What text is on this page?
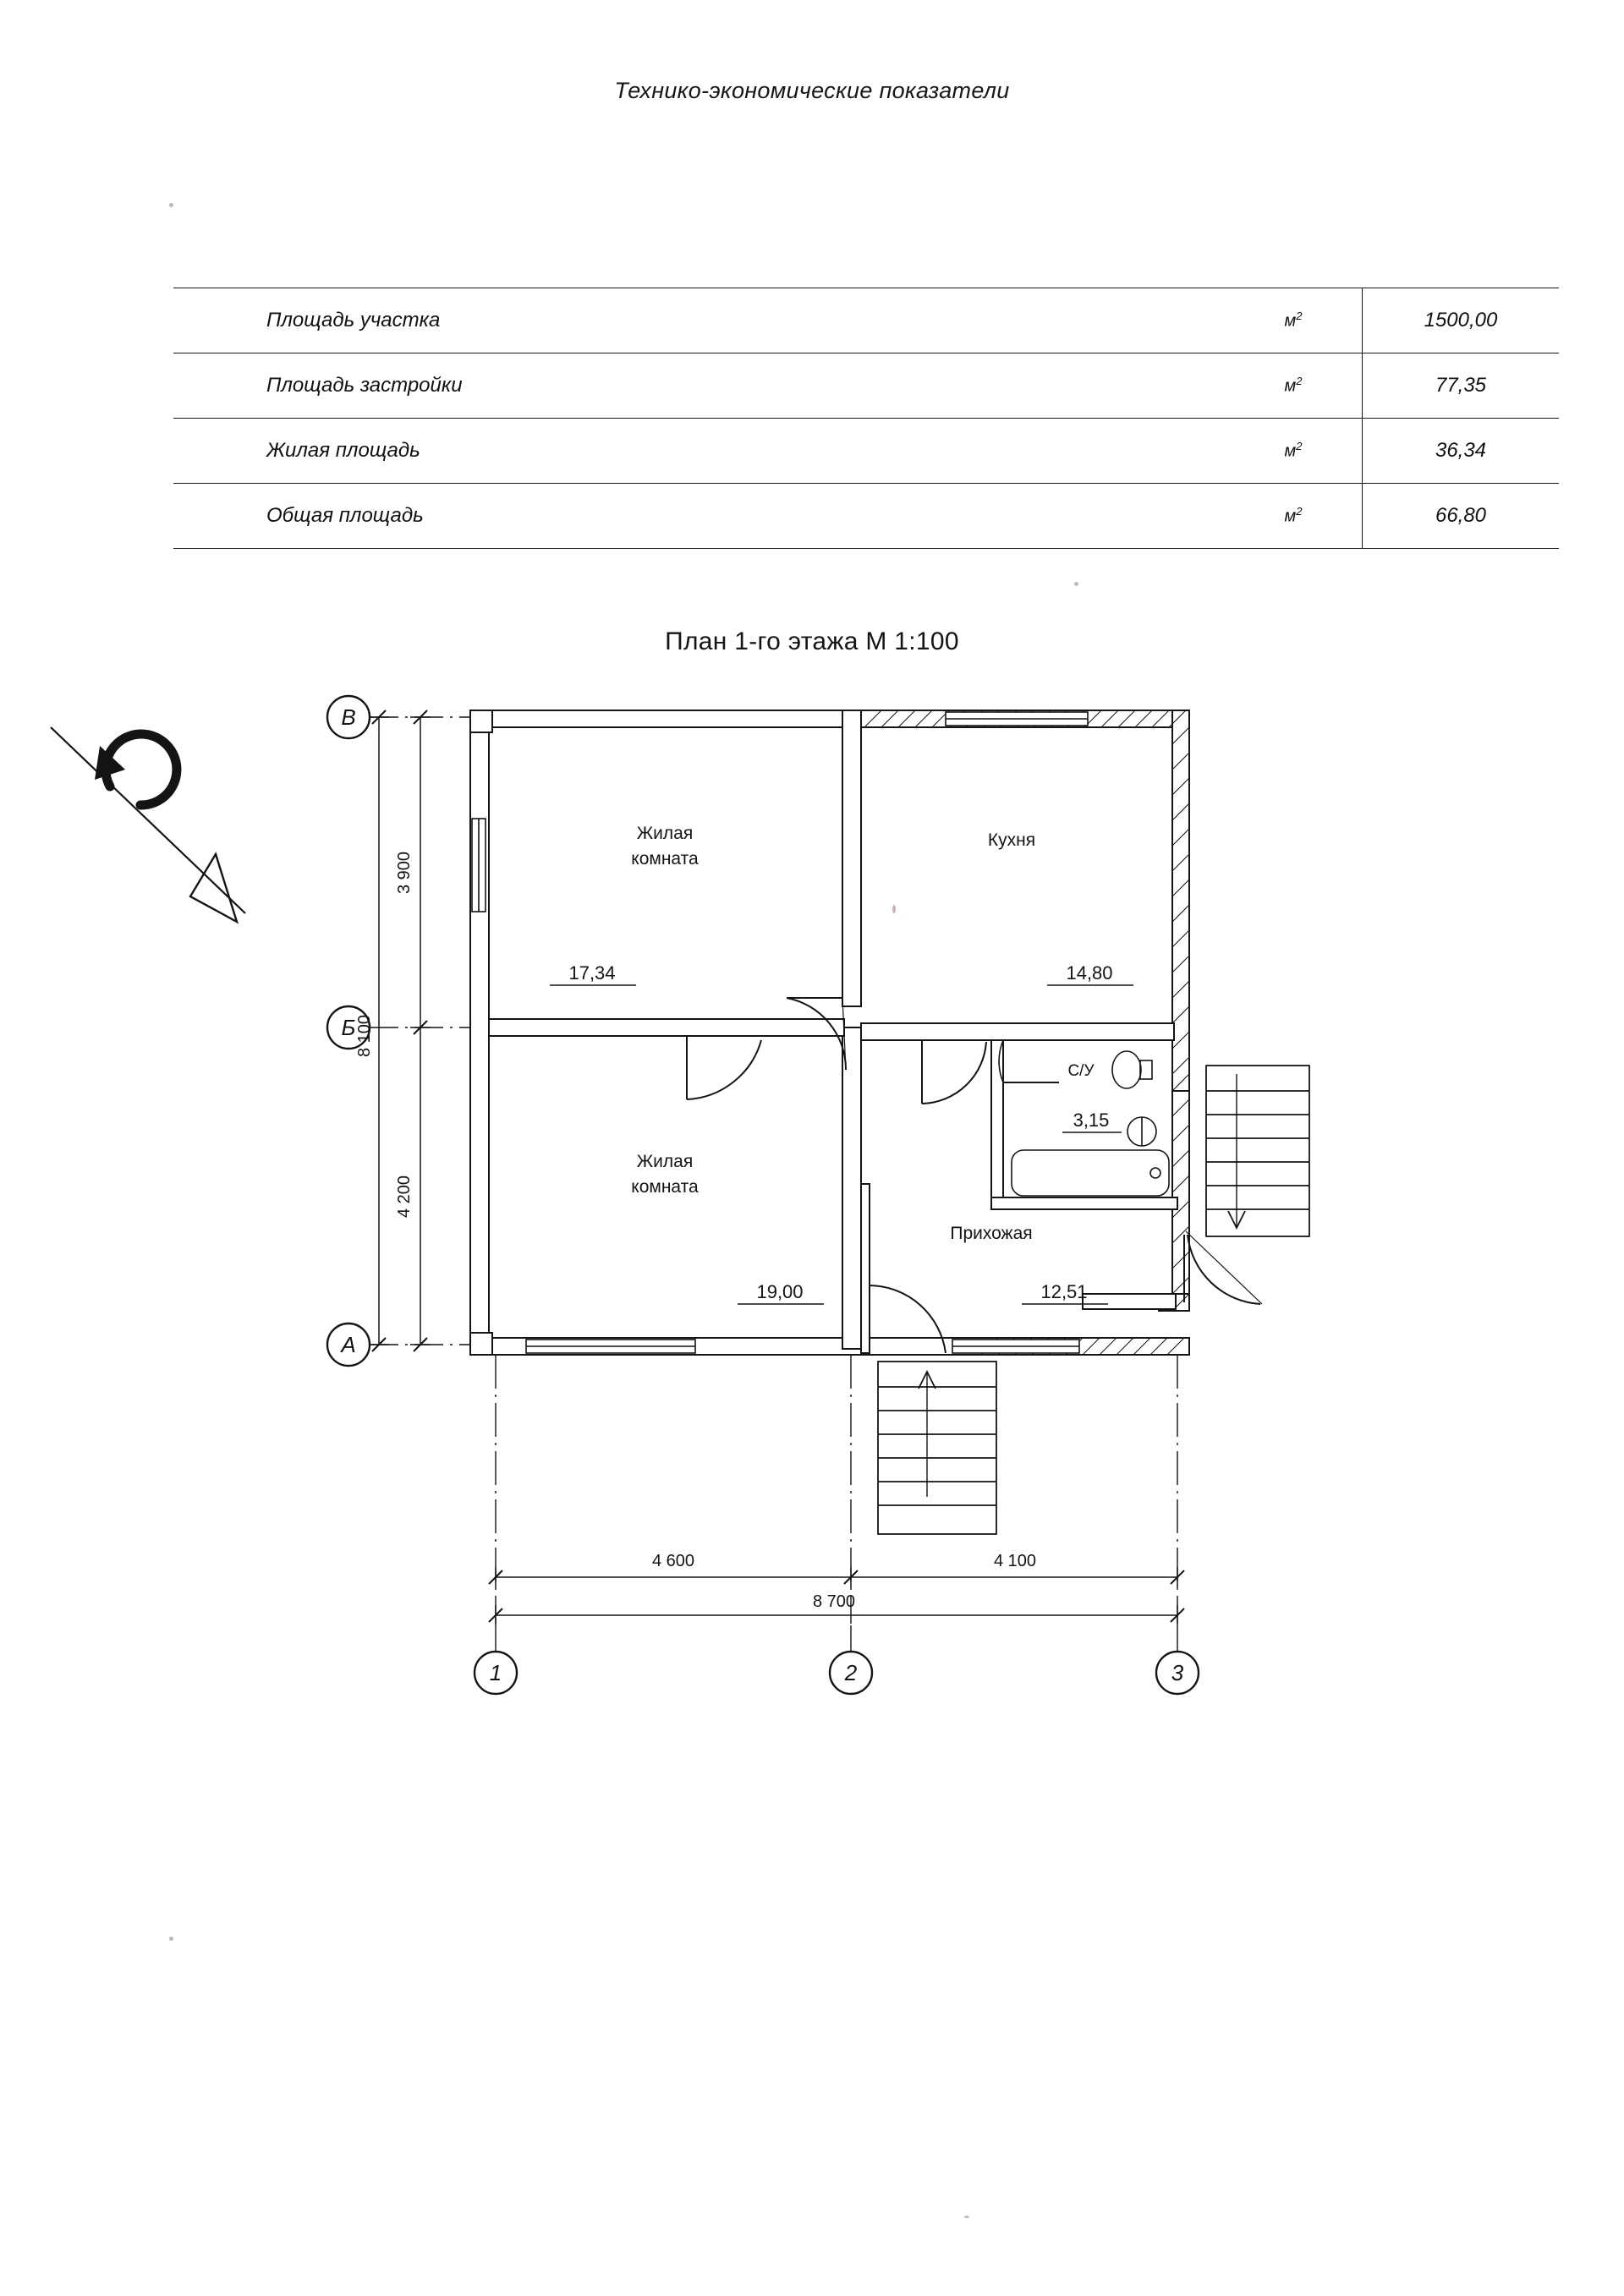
Технико-экономические показатели
Площадь участка	$м^2$	1500,00
Площадь застройки	$м^2$	77,35
Жилая площадь	$м^2$	36,34
Общая площадь	$м^2$	66,80
План 1-го этажа М 1:100
В
Б
А
3 900
4 200
8 100
Жилая
комната
17,34
Кухня
14,80
Жилая
комната
19,00
С/У
3,15
Прихожая
12,51
4 600	4 100
8 700
1	2	3
